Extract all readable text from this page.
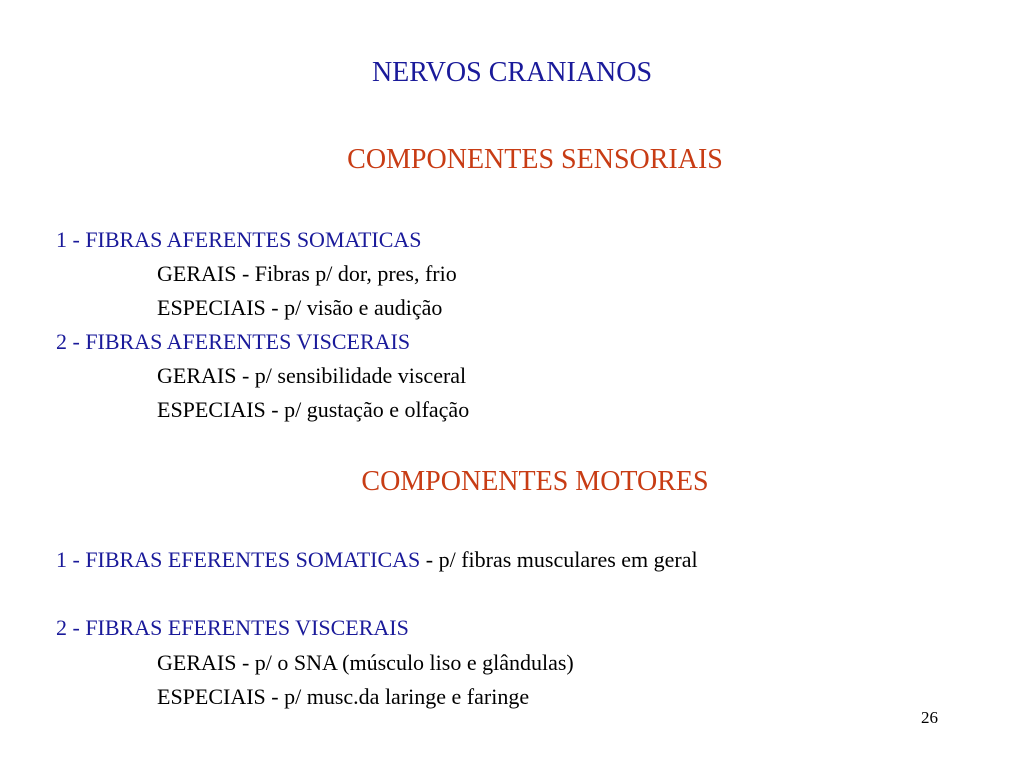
NERVOS CRANIANOS
COMPONENTES SENSORIAIS
1 - FIBRAS AFERENTES SOMATICAS
GERAIS - Fibras p/ dor, pres, frio
ESPECIAIS - p/ visão e audição
2 - FIBRAS AFERENTES VISCERAIS
GERAIS - p/ sensibilidade visceral
ESPECIAIS - p/ gustação e olfação
COMPONENTES MOTORES
1 - FIBRAS EFERENTES SOMATICAS - p/ fibras musculares em geral
2 - FIBRAS EFERENTES VISCERAIS
GERAIS - p/ o SNA (músculo liso e glândulas)
ESPECIAIS - p/ musc.da laringe e faringe
26
